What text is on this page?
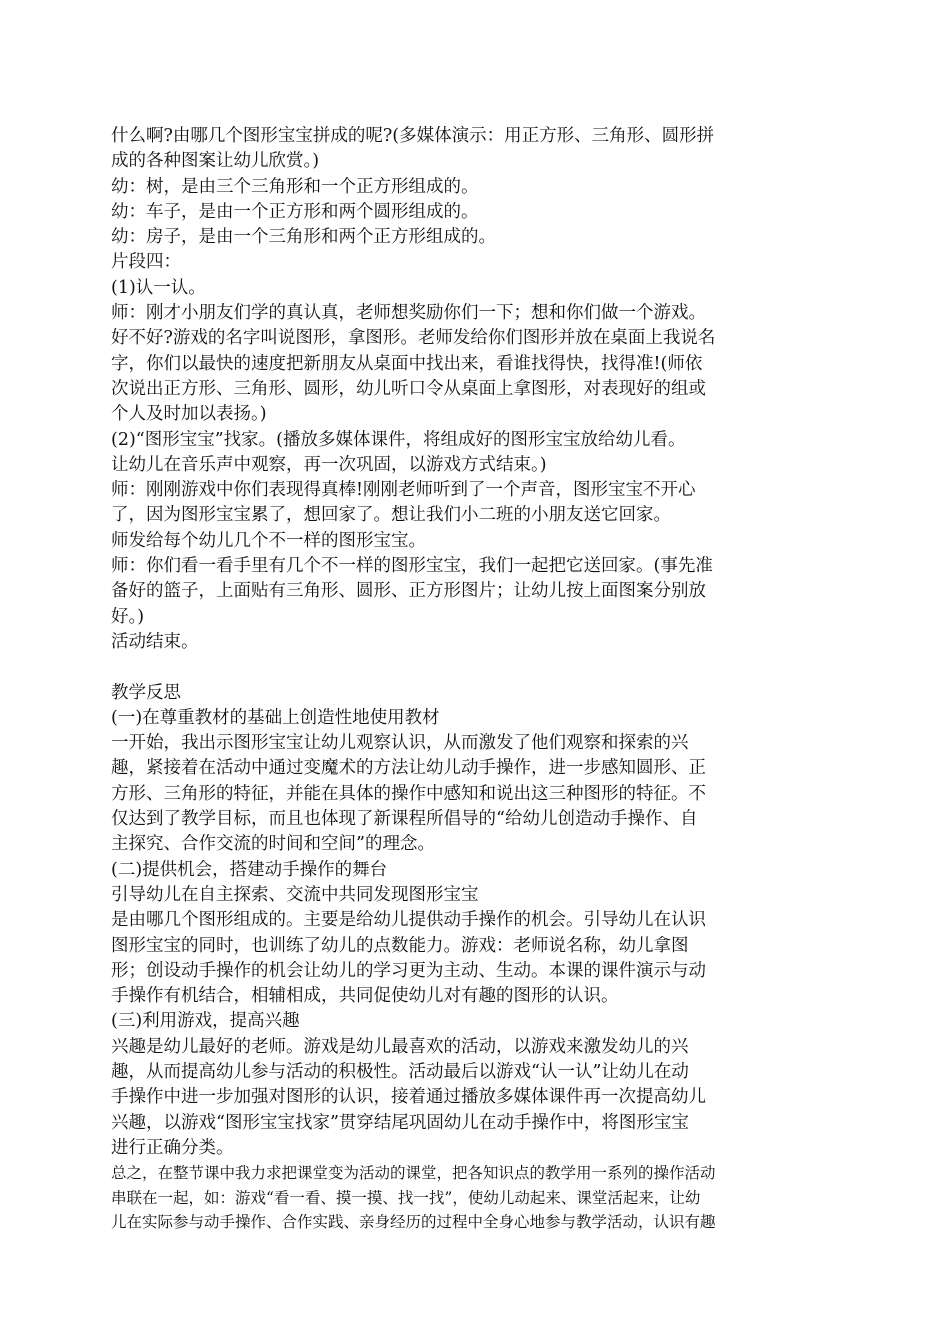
什么啊?由哪几个图形宝宝拼成的呢?(多媒体演示：用正方形、三角形、圆形拼
成的各种图案让幼儿欣赏。)
幼：树，是由三个三角形和一个正方形组成的。
幼：车子，是由一个正方形和两个圆形组成的。
幼：房子，是由一个三角形和两个正方形组成的。
片段四：
(1)认一认。
师：刚才小朋友们学的真认真，老师想奖励你们一下；想和你们做一个游戏。
好不好?游戏的名字叫说图形，拿图形。老师发给你们图形并放在桌面上我说名
字，你们以最快的速度把新朋友从桌面中找出来，看谁找得快，找得准!(师依
次说出正方形、三角形、圆形，幼儿听口令从桌面上拿图形，对表现好的组或
个人及时加以表扬。)
(2)“图形宝宝”找家。(播放多媒体课件，将组成好的图形宝宝放给幼儿看。
让幼儿在音乐声中观察，再一次巩固，以游戏方式结束。)
师：刚刚游戏中你们表现得真棒!刚刚老师听到了一个声音，图形宝宝不开心
了，因为图形宝宝累了，想回家了。想让我们小二班的小朋友送它回家。
师发给每个幼儿几个不一样的图形宝宝。
师：你们看一看手里有几个不一样的图形宝宝，我们一起把它送回家。(事先准
备好的篮子，上面贴有三角形、圆形、正方形图片；让幼儿按上面图案分别放
好。)
活动结束。
教学反思
(一)在尊重教材的基础上创造性地使用教材
一开始，我出示图形宝宝让幼儿观察认识，从而激发了他们观察和探索的兴
趣，紧接着在活动中通过变魔术的方法让幼儿动手操作，进一步感知圆形、正
方形、三角形的特征，并能在具体的操作中感知和说出这三种图形的特征。不
仅达到了教学目标，而且也体现了新课程所倡导的“给幼儿创造动手操作、自
主探究、合作交流的时间和空间”的理念。
(二)提供机会，搭建动手操作的舞台
引导幼儿在自主探索、交流中共同发现图形宝宝
是由哪几个图形组成的。主要是给幼儿提供动手操作的机会。引导幼儿在认识
图形宝宝的同时，也训练了幼儿的点数能力。游戏：老师说名称，幼儿拿图
形；创设动手操作的机会让幼儿的学习更为主动、生动。本课的课件演示与动
手操作有机结合，相辅相成，共同促使幼儿对有趣的图形的认识。
(三)利用游戏，提高兴趣
兴趣是幼儿最好的老师。游戏是幼儿最喜欢的活动，以游戏来激发幼儿的兴
趣，从而提高幼儿参与活动的积极性。活动最后以游戏“认一认”让幼儿在动
手操作中进一步加强对图形的认识，接着通过播放多媒体课件再一次提高幼儿
兴趣，以游戏“图形宝宝找家”贯穿结尾巩固幼儿在动手操作中，将图形宝宝
进行正确分类。
总之，在整节课中我力求把课堂变为活动的课堂，把各知识点的教学用一系列的操作活动
串联在一起，如：游戏“看一看、摸一摸、找一找”，使幼儿动起来、课堂活起来，让幼
儿在实际参与动手操作、合作实践、亲身经历的过程中全身心地参与教学活动，认识有趣
